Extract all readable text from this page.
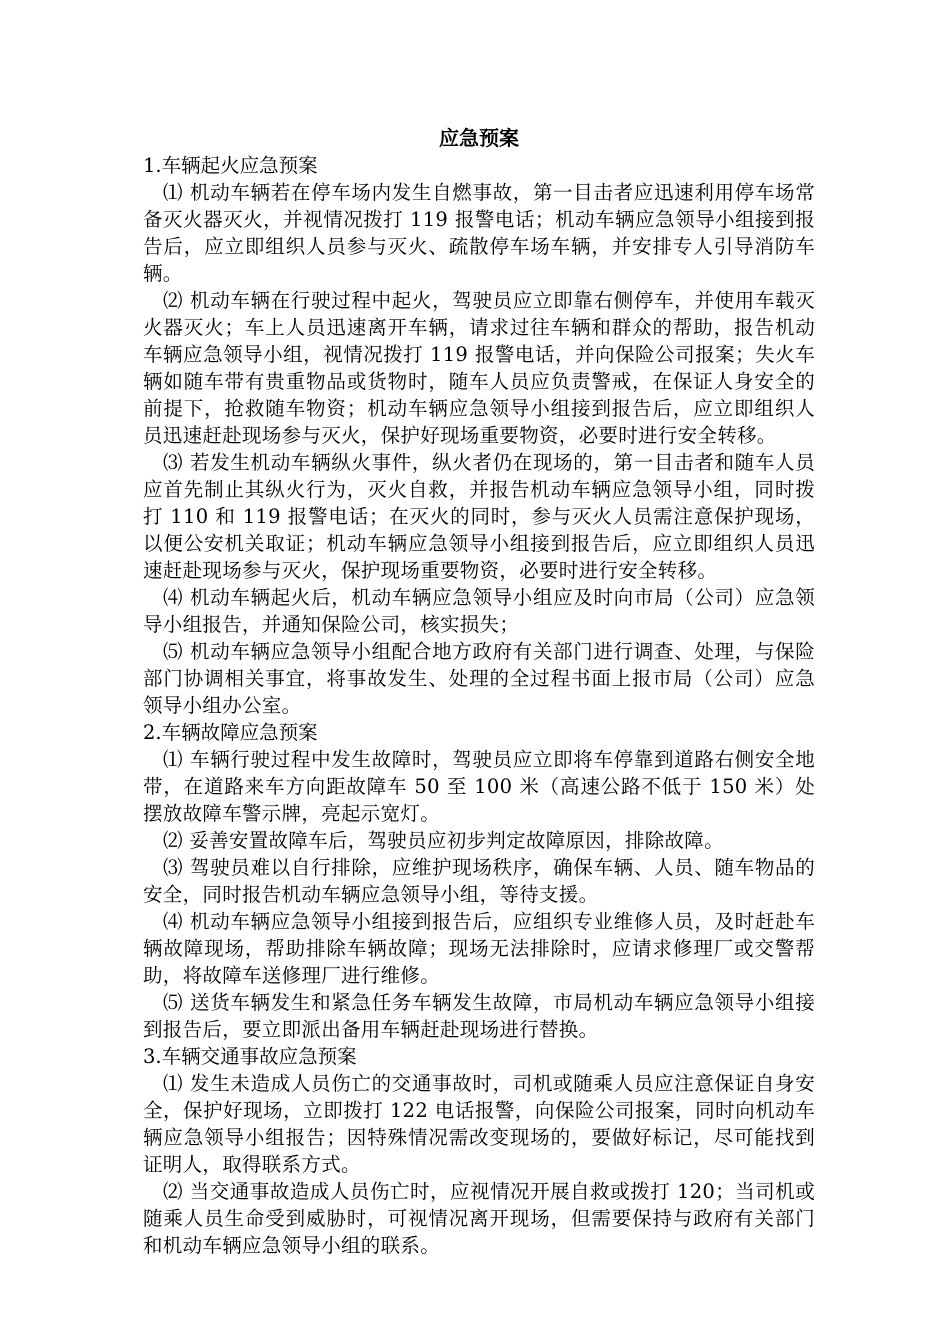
应急预案

1.车辆起火应急预案

⑴ 机动车辆若在停车场内发生自燃事故，第一目击者应迅速利用停车场常备灭火器灭火，并视情况拨打 119 报警电话；机动车辆应急领导小组接到报告后，应立即组织人员参与灭火、疏散停车场车辆，并安排专人引导消防车辆。

⑵ 机动车辆在行驶过程中起火，驾驶员应立即靠右侧停车，并使用车载灭火器灭火；车上人员迅速离开车辆，请求过往车辆和群众的帮助，报告机动车辆应急领导小组，视情况拨打 119 报警电话，并向保险公司报案；失火车辆如随车带有贵重物品或货物时，随车人员应负责警戒，在保证人身安全的前提下，抢救随车物资；机动车辆应急领导小组接到报告后，应立即组织人员迅速赶赴现场参与灭火，保护好现场重要物资，必要时进行安全转移。

⑶ 若发生机动车辆纵火事件，纵火者仍在现场的，第一目击者和随车人员应首先制止其纵火行为，灭火自救，并报告机动车辆应急领导小组，同时拨打 110 和 119 报警电话；在灭火的同时，参与灭火人员需注意保护现场，以便公安机关取证；机动车辆应急领导小组接到报告后，应立即组织人员迅速赶赴现场参与灭火，保护现场重要物资，必要时进行安全转移。

⑷ 机动车辆起火后，机动车辆应急领导小组应及时向市局（公司）应急领导小组报告，并通知保险公司，核实损失；

⑸ 机动车辆应急领导小组配合地方政府有关部门进行调查、处理，与保险部门协调相关事宜，将事故发生、处理的全过程书面上报市局（公司）应急领导小组办公室。

2.车辆故障应急预案

⑴ 车辆行驶过程中发生故障时，驾驶员应立即将车停靠到道路右侧安全地带，在道路来车方向距故障车 50 至 100 米（高速公路不低于 150 米）处摆放故障车警示牌，亮起示宽灯。

⑵ 妥善安置故障车后，驾驶员应初步判定故障原因，排除故障。

⑶ 驾驶员难以自行排除，应维护现场秩序，确保车辆、人员、随车物品的安全，同时报告机动车辆应急领导小组，等待支援。

⑷ 机动车辆应急领导小组接到报告后，应组织专业维修人员，及时赶赴车辆故障现场，帮助排除车辆故障；现场无法排除时，应请求修理厂或交警帮助，将故障车送修理厂进行维修。

⑸ 送货车辆发生和紧急任务车辆发生故障，市局机动车辆应急领导小组接到报告后，要立即派出备用车辆赶赴现场进行替换。

3.车辆交通事故应急预案

⑴ 发生未造成人员伤亡的交通事故时，司机或随乘人员应注意保证自身安全，保护好现场，立即拨打 122 电话报警，向保险公司报案，同时向机动车辆应急领导小组报告；因特殊情况需改变现场的，要做好标记，尽可能找到证明人，取得联系方式。

⑵ 当交通事故造成人员伤亡时，应视情况开展自救或拨打 120；当司机或随乘人员生命受到威胁时，可视情况离开现场，但需要保持与政府有关部门和机动车辆应急领导小组的联系。
